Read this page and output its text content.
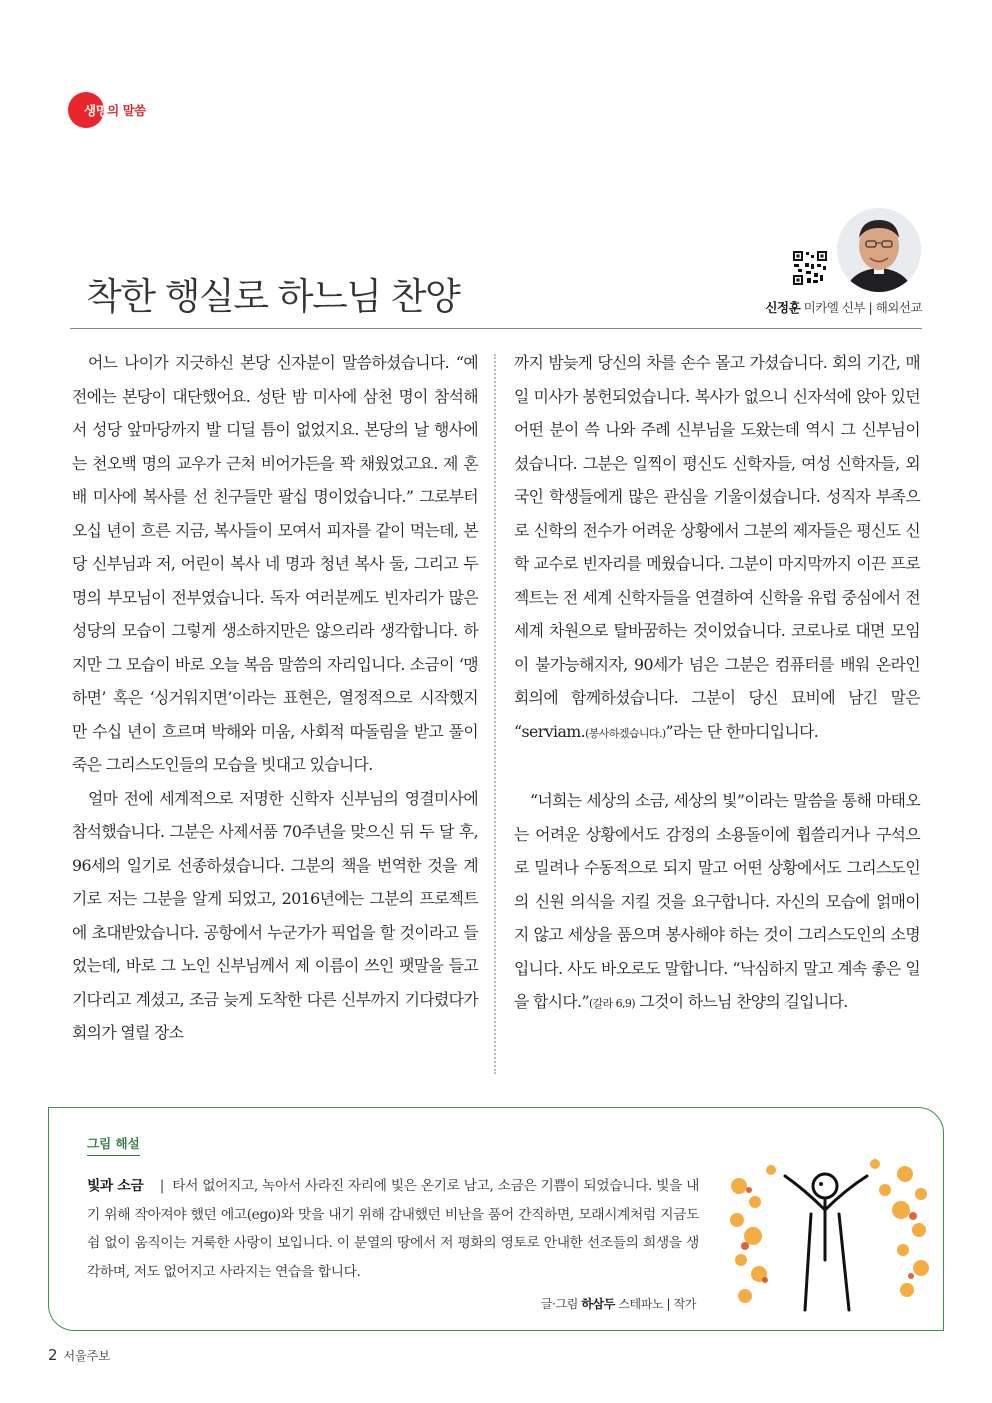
생명의 말씀
착한 행실로 하느님 찬양	신정훈 미카엘 신부 | 해외선교

어느 나이가 지긋하신 본당 신자분이 말씀하셨습니다. “예전에는 본당이 대단했어요. 성탄 밤 미사에 삼천 명이 참석해서 성당 앞마당까지 발 디딜 틈이 없었지요. 본당의 날 행사에는 천오백 명의 교우가 근처 비어가든을 꽉 채웠었고요. 제 혼배 미사에 복사를 선 친구들만 팔십 명이었습니다.” 그로부터 오십 년이 흐른 지금, 복사들이 모여서 피자를 같이 먹는데, 본당 신부님과 저, 어린이 복사 네 명과 청년 복사 둘, 그리고 두 명의 부모님이 전부였습니다. 독자 여러분께도 빈자리가 많은 성당의 모습이 그렇게 생소하지만은 않으리라 생각합니다. 하지만 그 모습이 바로 오늘 복음 말씀의 자리입니다. 소금이 ‘맹하면’ 혹은 ‘싱거워지면’이라는 표현은, 열정적으로 시작했지만 수십 년이 흐르며 박해와 미움, 사회적 따돌림을 받고 풀이 죽은 그리스도인들의 모습을 빗대고 있습니다.

얼마 전에 세계적으로 저명한 신학자 신부님의 영결미사에 참석했습니다. 그분은 사제서품 70주년을 맞으신 뒤 두 달 후, 96세의 일기로 선종하셨습니다. 그분의 책을 번역한 것을 계기로 저는 그분을 알게 되었고, 2016년에는 그분의 프로젝트에 초대받았습니다. 공항에서 누군가가 픽업을 할 것이라고 들었는데, 바로 그 노인 신부님께서 제 이름이 쓰인 팻말을 들고 기다리고 계셨고, 조금 늦게 도착한 다른 신부까지 기다렸다가 회의가 열릴 장소

까지 밤늦게 당신의 차를 손수 몰고 가셨습니다. 회의 기간, 매일 미사가 봉헌되었습니다. 복사가 없으니 신자석에 앉아 있던 어떤 분이 쓱 나와 주례 신부님을 도왔는데 역시 그 신부님이셨습니다. 그분은 일찍이 평신도 신학자들, 여성 신학자들, 외국인 학생들에게 많은 관심을 기울이셨습니다. 성직자 부족으로 신학의 전수가 어려운 상황에서 그분의 제자들은 평신도 신학 교수로 빈자리를 메웠습니다. 그분이 마지막까지 이끈 프로젝트는 전 세계 신학자들을 연결하여 신학을 유럽 중심에서 전 세계 차원으로 탈바꿈하는 것이었습니다. 코로나로 대면 모임이 불가능해지자, 90세가 넘은 그분은 컴퓨터를 배워 온라인 회의에 함께하셨습니다. 그분이 당신 묘비에 남긴 말은 “serviam.(봉사하겠습니다.)”라는 단 한마디입니다.

“너희는 세상의 소금, 세상의 빛”이라는 말씀을 통해 마태오는 어려운 상황에서도 감정의 소용돌이에 휩쓸리거나 구석으로 밀려나 수동적으로 되지 말고 어떤 상황에서도 그리스도인의 신원 의식을 지킬 것을 요구합니다. 자신의 모습에 얽매이지 않고 세상을 품으며 봉사해야 하는 것이 그리스도인의 소명입니다. 사도 바오로도 말합니다. “낙심하지 말고 계속 좋은 일을 합시다.”(갈라 6,9) 그것이 하느님 찬양의 길입니다.

그림 해설
빛과 소금 | 타서 없어지고, 녹아서 사라진 자리에 빛은 온기로 남고, 소금은 기쁨이 되었습니다. 빛을 내기 위해 작아져야 했던 에고(ego)와 맛을 내기 위해 감내했던 비난을 품어 간직하면, 모래시계처럼 지금도 쉼 없이 움직이는 거룩한 사랑이 보입니다. 이 분열의 땅에서 저 평화의 영토로 안내한 선조들의 희생을 생각하며, 저도 없어지고 사라지는 연습을 합니다.
글·그림 하삼두 스테파노 | 작가
2 서울주보
